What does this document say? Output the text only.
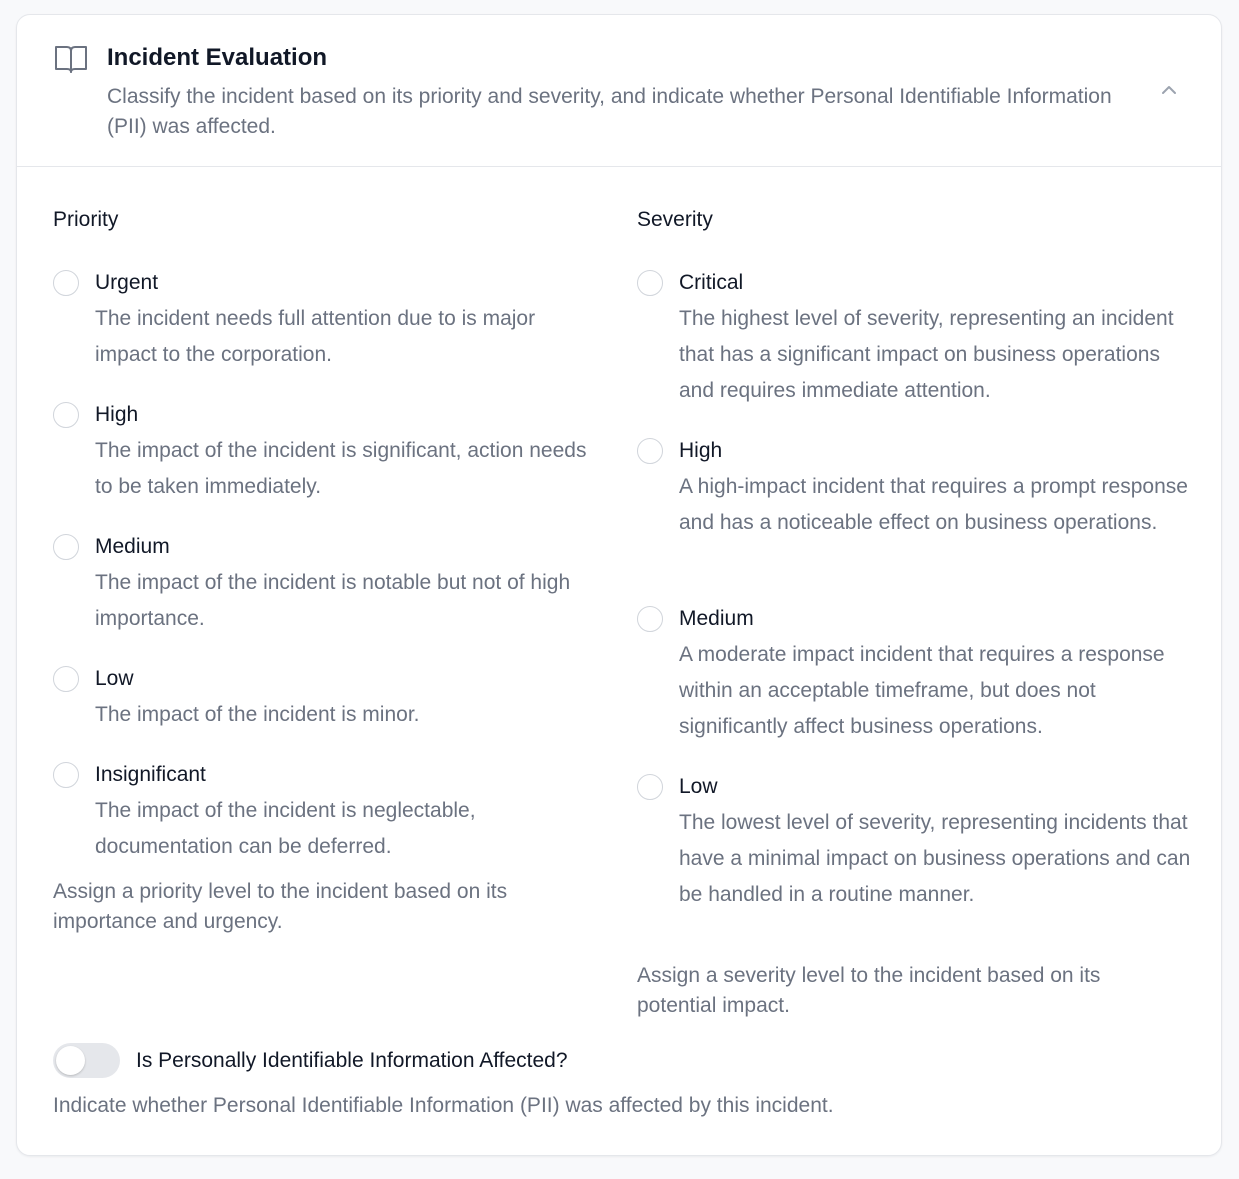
Incident Evaluation
Classify the incident based on its priority and severity, and indicate whether Personal Identifiable Information (PII) was affected.
Priority
Urgent
The incident needs full attention due to is major impact to the corporation.
High
The impact of the incident is significant, action needs to be taken immediately.
Medium
The impact of the incident is notable but not of high importance.
Low
The impact of the incident is minor.
Insignificant
The impact of the incident is neglectable, documentation can be deferred.
Assign a priority level to the incident based on its importance and urgency.
Severity
Critical
The highest level of severity, representing an incident that has a significant impact on business operations and requires immediate attention.
High
A high-impact incident that requires a prompt response and has a noticeable effect on business operations.
Medium
A moderate impact incident that requires a response within an acceptable timeframe, but does not significantly affect business operations.
Low
The lowest level of severity, representing incidents that have a minimal impact on business operations and can be handled in a routine manner.
Assign a severity level to the incident based on its potential impact.
Is Personally Identifiable Information Affected?
Indicate whether Personal Identifiable Information (PII) was affected by this incident.
